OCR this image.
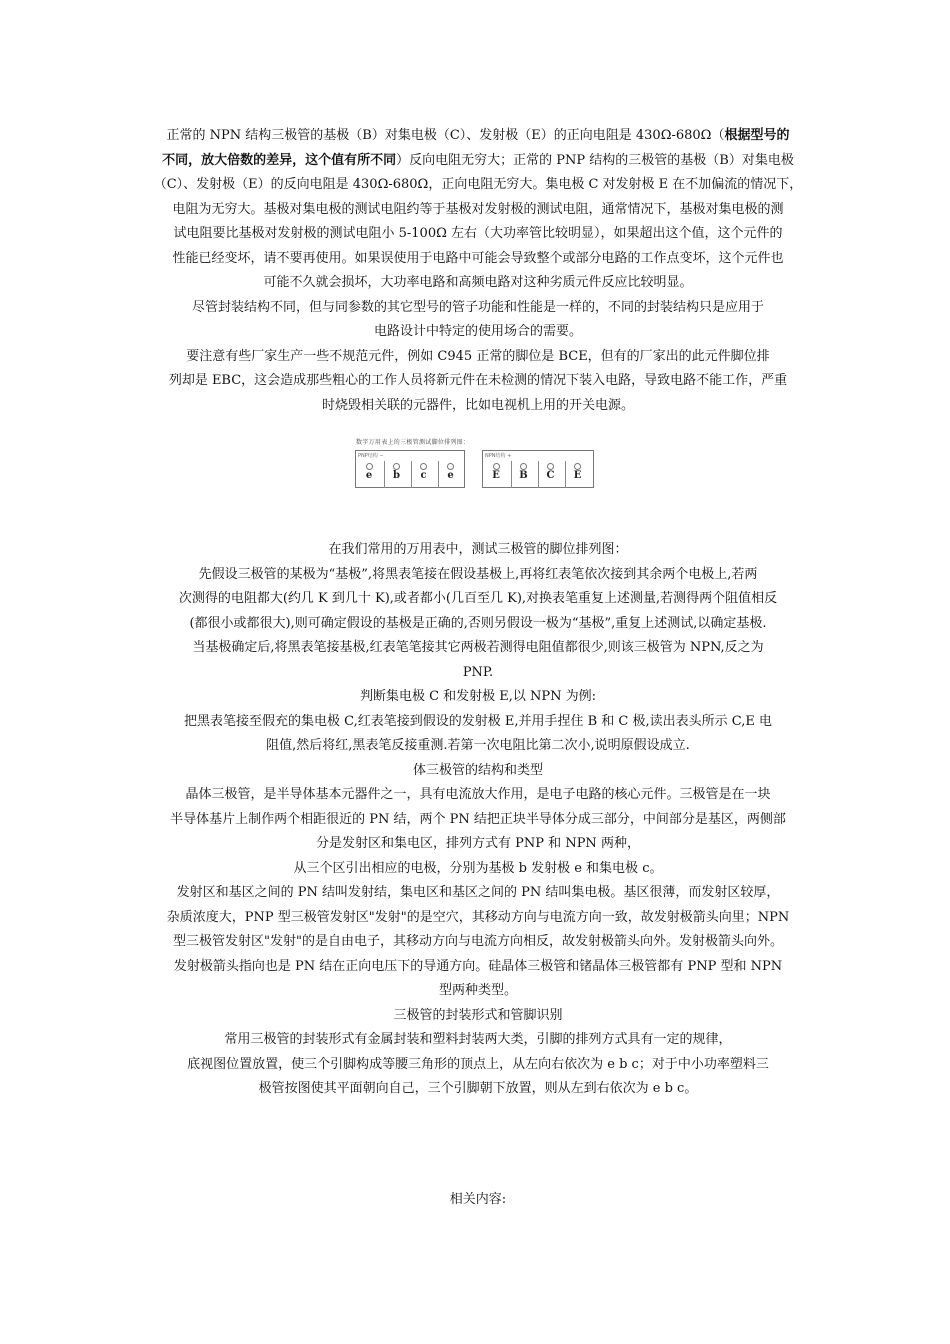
正常的 NPN 结构三极管的基极（B）对集电极（C）、发射极（E）的正向电阻是 430Ω-680Ω（根据型号的

不同，放大倍数的差异，这个值有所不同）反向电阻无穷大；正常的 PNP 结构的三极管的基极（B）对集电极

（C）、发射极（E）的反向电阻是 430Ω-680Ω，正向电阻无穷大。集电极 C 对发射极 E 在不加偏流的情况下，

电阻为无穷大。基极对集电极的测试电阻约等于基极对发射极的测试电阻，通常情况下，基极对集电极的测

试电阻要比基极对发射极的测试电阻小 5-100Ω 左右（大功率管比较明显），如果超出这个值，这个元件的

性能已经变坏，请不要再使用。如果误使用于电路中可能会导致整个或部分电路的工作点变坏，这个元件也

可能不久就会损坏，大功率电路和高频电路对这种劣质元件反应比较明显。

尽管封装结构不同，但与同参数的其它型号的管子功能和性能是一样的，不同的封装结构只是应用于

电路设计中特定的使用场合的需要。

要注意有些厂家生产一些不规范元件，例如 C945 正常的脚位是 BCE，但有的厂家出的此元件脚位排

列却是 EBC，这会造成那些粗心的工作人员将新元件在未检测的情况下装入电路，导致电路不能工作，严重

时烧毁相关联的元器件，比如电视机上用的开关电源。

数字万用表上的三极管测试脚位排列图：
PNP结构 −
e	b	c	e
NPN结构 +
E	B	C	E

在我们常用的万用表中，测试三极管的脚位排列图：

先假设三极管的某极为“基极”,将黑表笔接在假设基极上,再将红表笔依次接到其余两个电极上,若两

次测得的电阻都大(约几 K 到几十 K),或者都小(几百至几 K),对换表笔重复上述测量,若测得两个阻值相反

(都很小或都很大),则可确定假设的基极是正确的,否则另假设一极为“基极”,重复上述测试,以确定基极.

当基极确定后,将黑表笔接基极,红表笔笔接其它两极若测得电阻值都很少,则该三极管为 NPN,反之为

PNP.

判断集电极 C 和发射极 E,以 NPN 为例:

把黑表笔接至假充的集电极 C,红表笔接到假设的发射极 E,并用手捏住 B 和 C 极,读出表头所示 C,E 电

阻值,然后将红,黑表笔反接重测.若第一次电阻比第二次小,说明原假设成立.

体三极管的结构和类型

晶体三极管，是半导体基本元器件之一，具有电流放大作用，是电子电路的核心元件。三极管是在一块

半导体基片上制作两个相距很近的 PN 结，两个 PN 结把正块半导体分成三部分，中间部分是基区，两侧部

分是发射区和集电区，排列方式有 PNP 和 NPN 两种，

从三个区引出相应的电极，分别为基极 b 发射极 e 和集电极 c。

发射区和基区之间的 PN 结叫发射结，集电区和基区之间的 PN 结叫集电极。基区很薄，而发射区较厚，

杂质浓度大，PNP 型三极管发射区"发射"的是空穴，其移动方向与电流方向一致，故发射极箭头向里；NPN

型三极管发射区"发射"的是自由电子，其移动方向与电流方向相反，故发射极箭头向外。发射极箭头向外。

发射极箭头指向也是 PN 结在正向电压下的导通方向。硅晶体三极管和锗晶体三极管都有 PNP 型和 NPN

型两种类型。

三极管的封装形式和管脚识别

常用三极管的封装形式有金属封装和塑料封装两大类，引脚的排列方式具有一定的规律，

底视图位置放置，使三个引脚构成等腰三角形的顶点上，从左向右依次为 e b c；对于中小功率塑料三

极管按图使其平面朝向自己，三个引脚朝下放置，则从左到右依次为 e b c。

相关内容:
